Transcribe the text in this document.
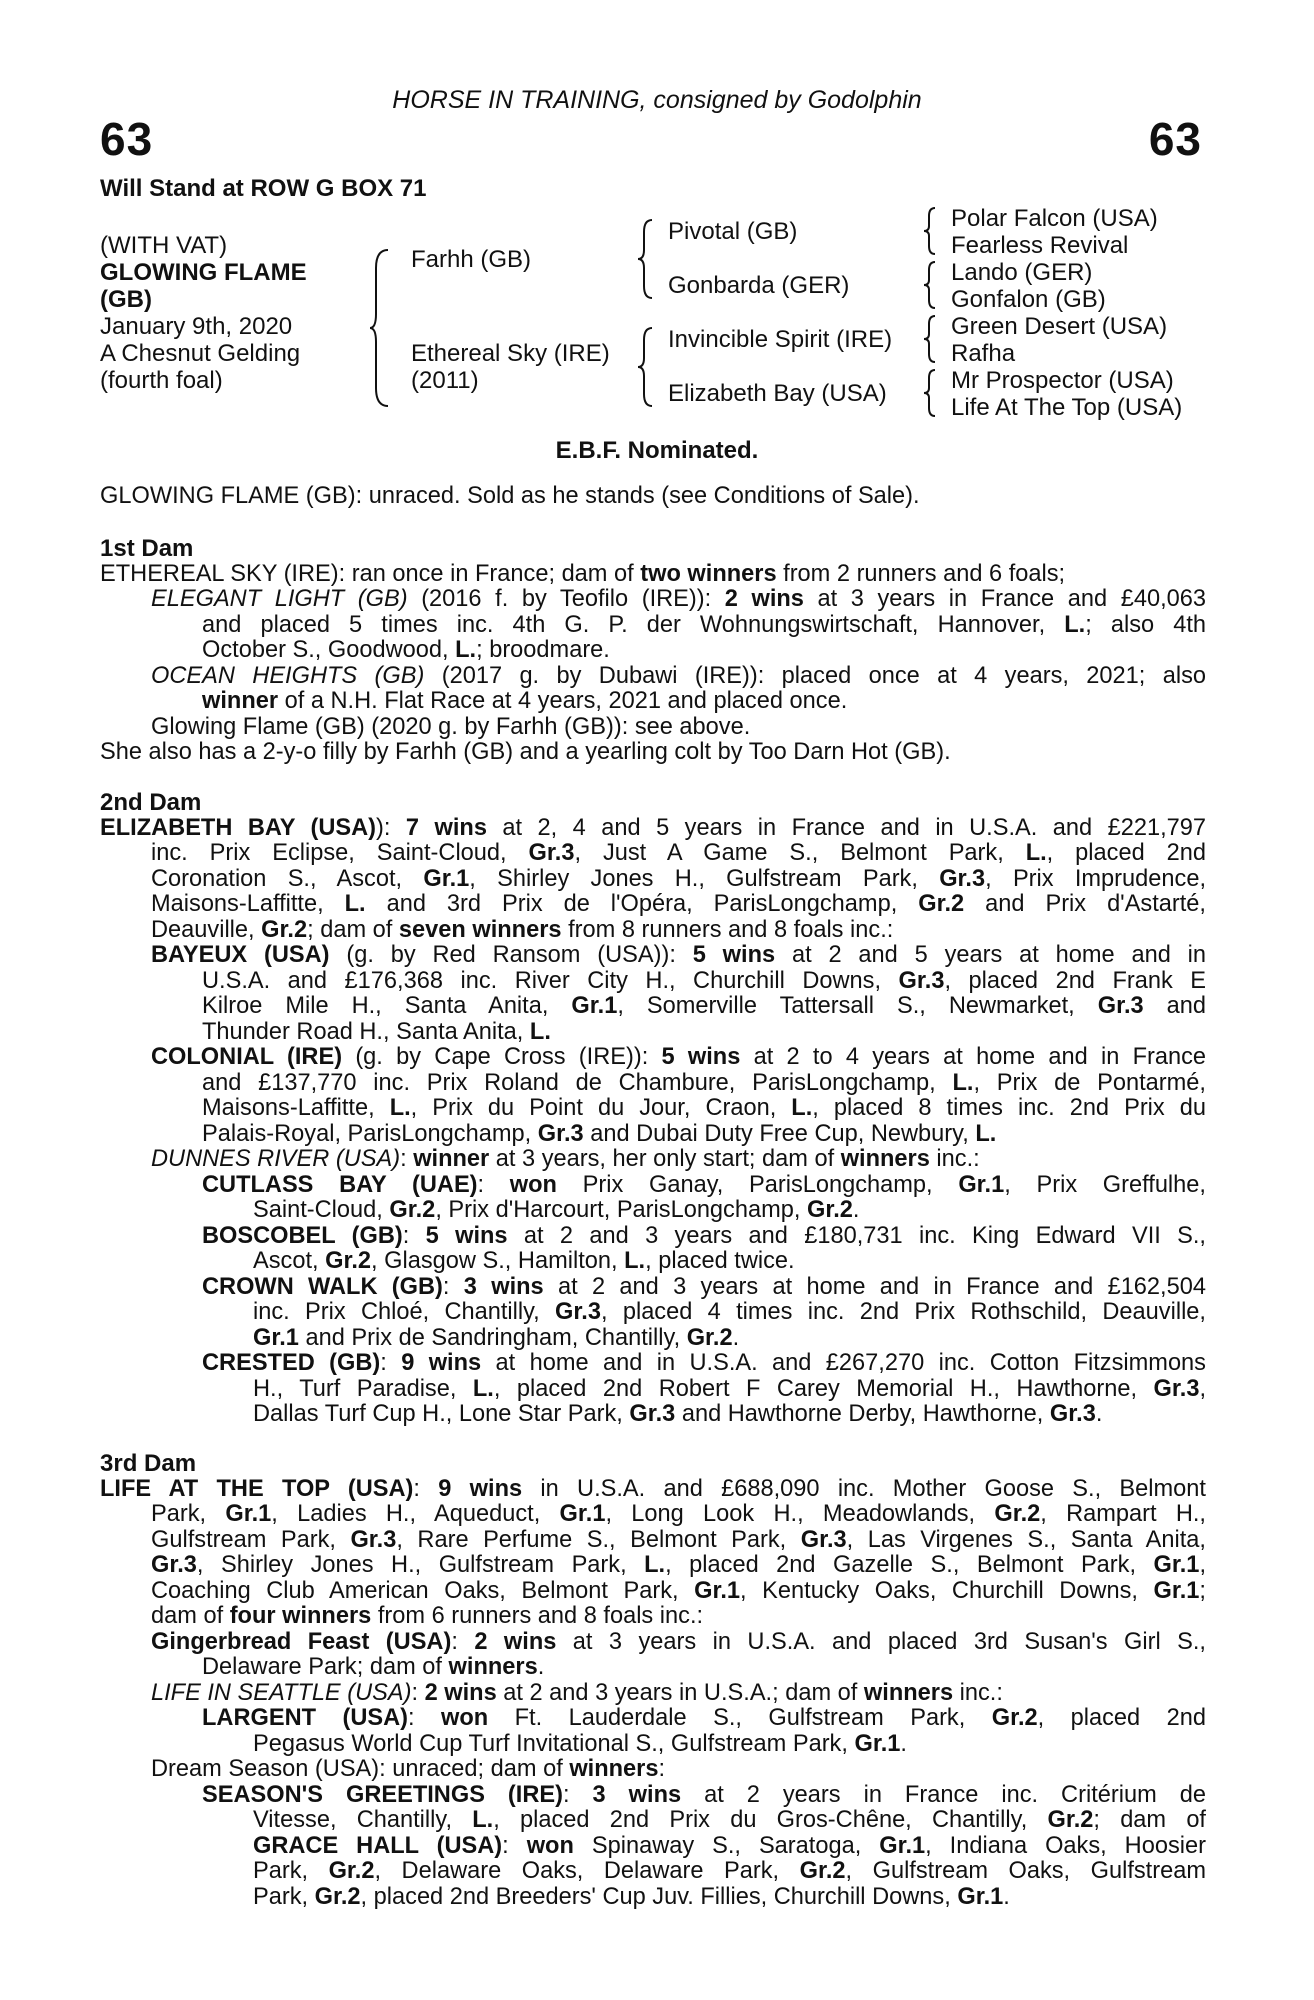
HORSE IN TRAINING, consigned by Godolphin
63	63
Will Stand at ROW G BOX 71
(WITH VAT)
GLOWING FLAME
(GB)
January 9th, 2020
A Chesnut Gelding
(fourth foal)
Farhh (GB)
Ethereal Sky (IRE)
(2011)
Pivotal (GB)
Gonbarda (GER)
Invincible Spirit (IRE)
Elizabeth Bay (USA)
Polar Falcon (USA)
Fearless Revival
Lando (GER)
Gonfalon (GB)
Green Desert (USA)
Rafha
Mr Prospector (USA)
Life At The Top (USA)
E.B.F. Nominated.
GLOWING FLAME (GB): unraced. Sold as he stands (see Conditions of Sale).
1st Dam
ETHEREAL SKY (IRE): ran once in France; dam of two winners from 2 runners and 6 foals;
ELEGANT LIGHT (GB) (2016 f. by Teofilo (IRE)): 2 wins at 3 years in France and £40,063
and placed 5 times inc. 4th G. P. der Wohnungswirtschaft, Hannover, L.; also 4th
October S., Goodwood, L.; broodmare.
OCEAN HEIGHTS (GB) (2017 g. by Dubawi (IRE)): placed once at 4 years, 2021; also
winner of a N.H. Flat Race at 4 years, 2021 and placed once.
Glowing Flame (GB) (2020 g. by Farhh (GB)): see above.
She also has a 2-y-o filly by Farhh (GB) and a yearling colt by Too Darn Hot (GB).
2nd Dam
ELIZABETH BAY (USA)): 7 wins at 2, 4 and 5 years in France and in U.S.A. and £221,797
inc. Prix Eclipse, Saint-Cloud, Gr.3, Just A Game S., Belmont Park, L., placed 2nd
Coronation S., Ascot, Gr.1, Shirley Jones H., Gulfstream Park, Gr.3, Prix Imprudence,
Maisons-Laffitte, L. and 3rd Prix de l'Opéra, ParisLongchamp, Gr.2 and Prix d'Astarté,
Deauville, Gr.2; dam of seven winners from 8 runners and 8 foals inc.:
BAYEUX (USA) (g. by Red Ransom (USA)): 5 wins at 2 and 5 years at home and in
U.S.A. and £176,368 inc. River City H., Churchill Downs, Gr.3, placed 2nd Frank E
Kilroe Mile H., Santa Anita, Gr.1, Somerville Tattersall S., Newmarket, Gr.3 and
Thunder Road H., Santa Anita, L.
COLONIAL (IRE) (g. by Cape Cross (IRE)): 5 wins at 2 to 4 years at home and in France
and £137,770 inc. Prix Roland de Chambure, ParisLongchamp, L., Prix de Pontarmé,
Maisons-Laffitte, L., Prix du Point du Jour, Craon, L., placed 8 times inc. 2nd Prix du
Palais-Royal, ParisLongchamp, Gr.3 and Dubai Duty Free Cup, Newbury, L.
DUNNES RIVER (USA): winner at 3 years, her only start; dam of winners inc.:
CUTLASS BAY (UAE): won Prix Ganay, ParisLongchamp, Gr.1, Prix Greffulhe,
Saint-Cloud, Gr.2, Prix d'Harcourt, ParisLongchamp, Gr.2.
BOSCOBEL (GB): 5 wins at 2 and 3 years and £180,731 inc. King Edward VII S.,
Ascot, Gr.2, Glasgow S., Hamilton, L., placed twice.
CROWN WALK (GB): 3 wins at 2 and 3 years at home and in France and £162,504
inc. Prix Chloé, Chantilly, Gr.3, placed 4 times inc. 2nd Prix Rothschild, Deauville,
Gr.1 and Prix de Sandringham, Chantilly, Gr.2.
CRESTED (GB): 9 wins at home and in U.S.A. and £267,270 inc. Cotton Fitzsimmons
H., Turf Paradise, L., placed 2nd Robert F Carey Memorial H., Hawthorne, Gr.3,
Dallas Turf Cup H., Lone Star Park, Gr.3 and Hawthorne Derby, Hawthorne, Gr.3.
3rd Dam
LIFE AT THE TOP (USA): 9 wins in U.S.A. and £688,090 inc. Mother Goose S., Belmont
Park, Gr.1, Ladies H., Aqueduct, Gr.1, Long Look H., Meadowlands, Gr.2, Rampart H.,
Gulfstream Park, Gr.3, Rare Perfume S., Belmont Park, Gr.3, Las Virgenes S., Santa Anita,
Gr.3, Shirley Jones H., Gulfstream Park, L., placed 2nd Gazelle S., Belmont Park, Gr.1,
Coaching Club American Oaks, Belmont Park, Gr.1, Kentucky Oaks, Churchill Downs, Gr.1;
dam of four winners from 6 runners and 8 foals inc.:
Gingerbread Feast (USA): 2 wins at 3 years in U.S.A. and placed 3rd Susan's Girl S.,
Delaware Park; dam of winners.
LIFE IN SEATTLE (USA): 2 wins at 2 and 3 years in U.S.A.; dam of winners inc.:
LARGENT (USA): won Ft. Lauderdale S., Gulfstream Park, Gr.2, placed 2nd
Pegasus World Cup Turf Invitational S., Gulfstream Park, Gr.1.
Dream Season (USA): unraced; dam of winners:
SEASON'S GREETINGS (IRE): 3 wins at 2 years in France inc. Critérium de
Vitesse, Chantilly, L., placed 2nd Prix du Gros-Chêne, Chantilly, Gr.2; dam of
GRACE HALL (USA): won Spinaway S., Saratoga, Gr.1, Indiana Oaks, Hoosier
Park, Gr.2, Delaware Oaks, Delaware Park, Gr.2, Gulfstream Oaks, Gulfstream
Park, Gr.2, placed 2nd Breeders' Cup Juv. Fillies, Churchill Downs, Gr.1.
